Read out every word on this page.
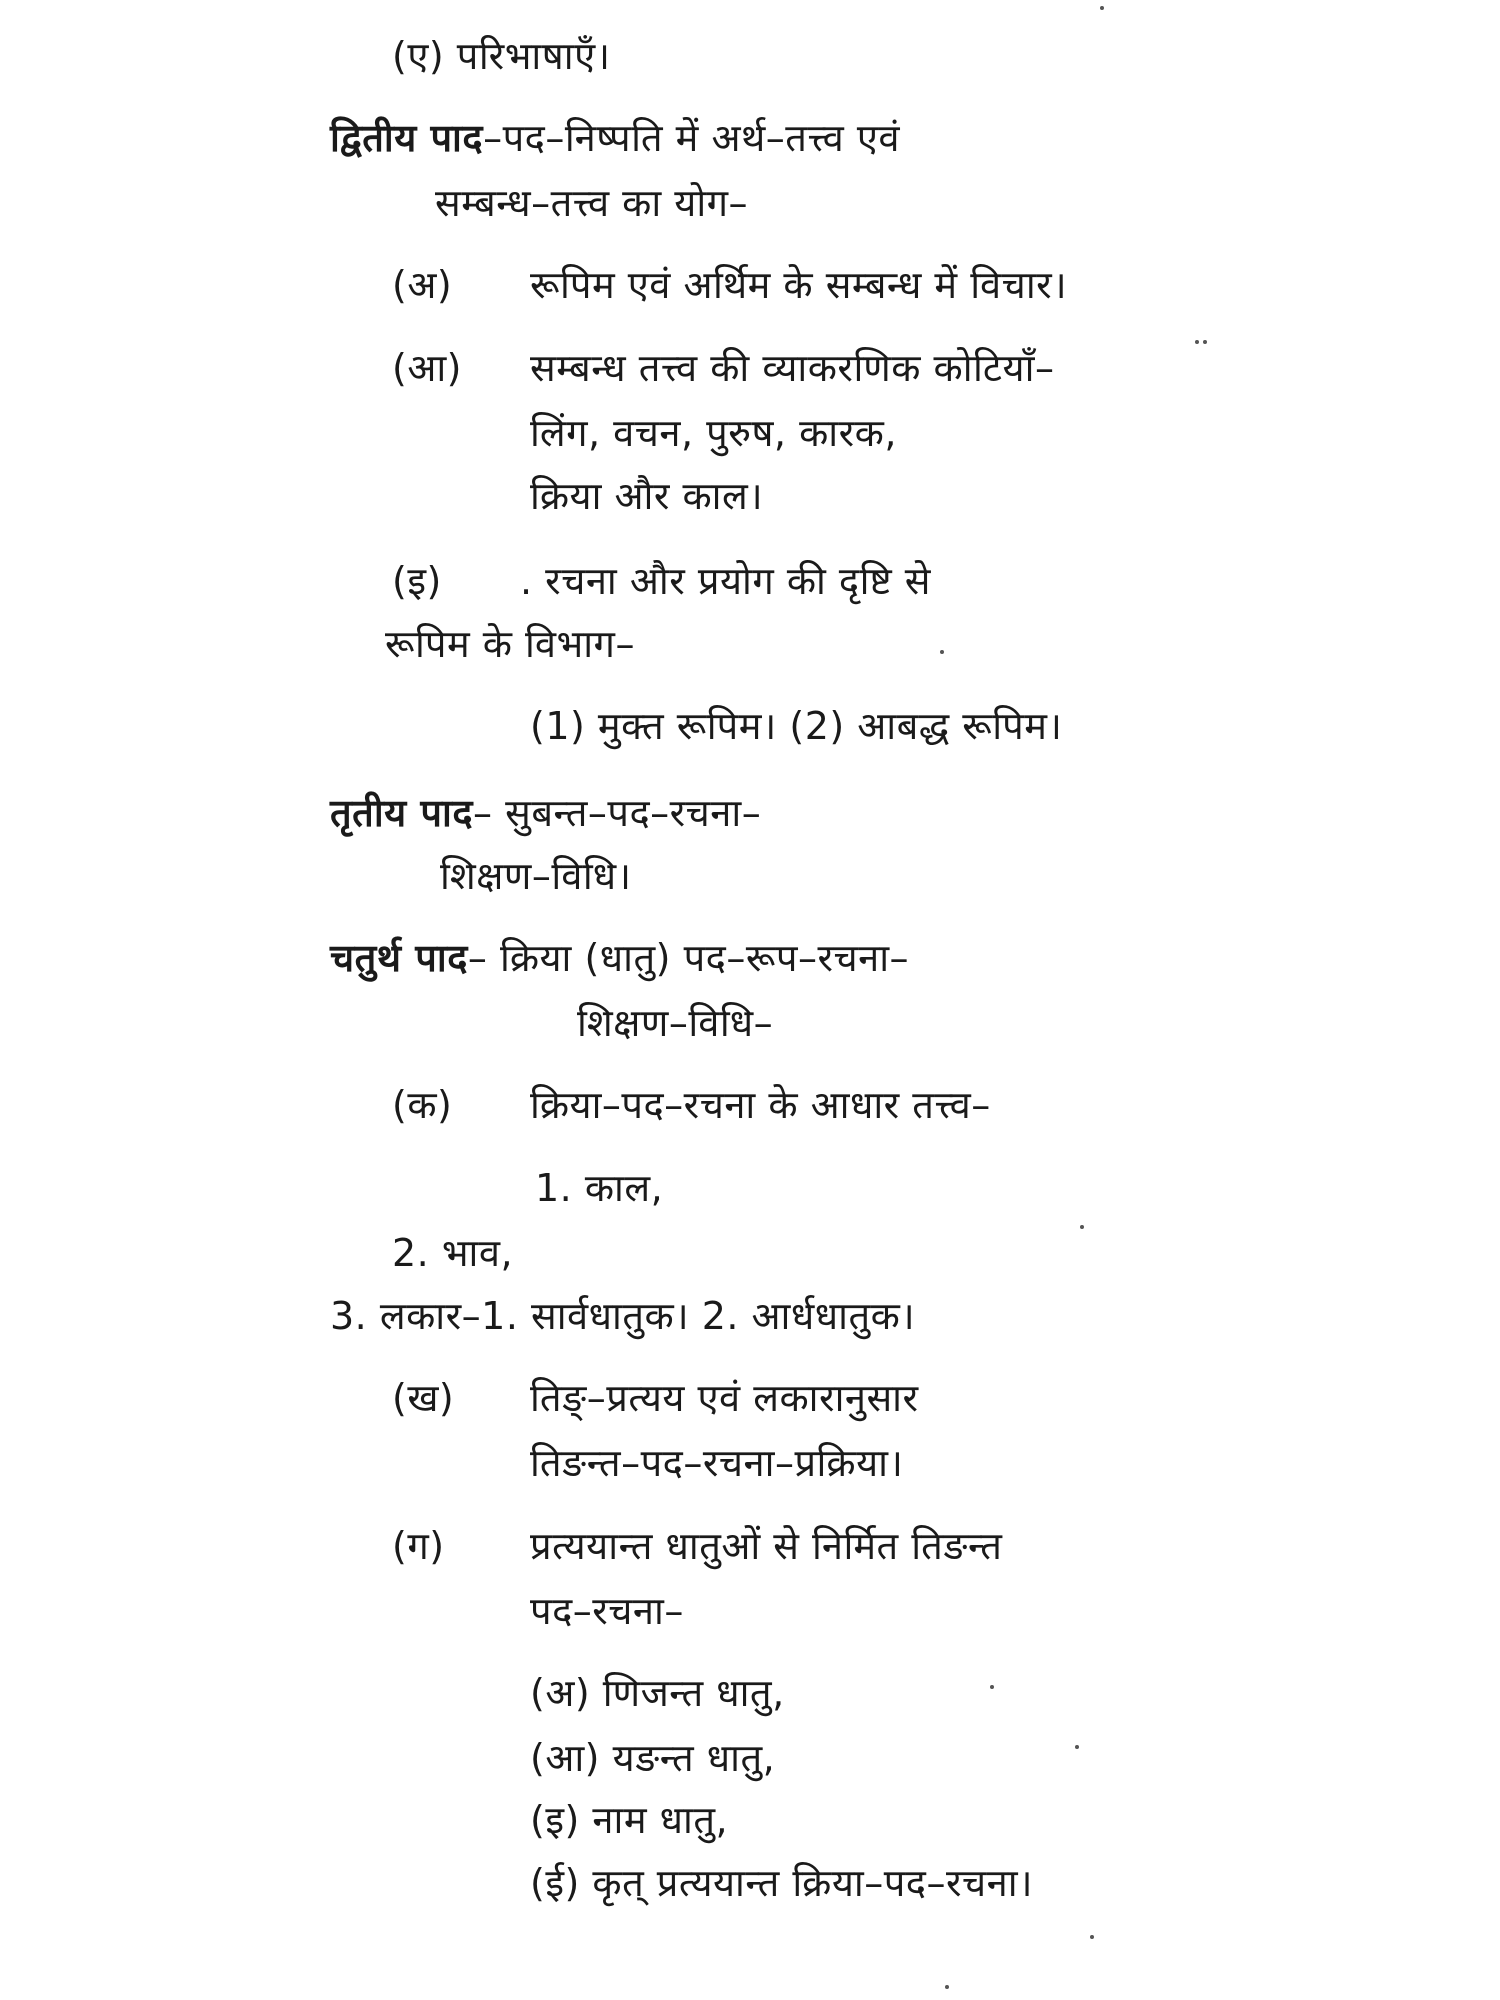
(ए) परिभाषाएँ।
द्वितीय पाद–पद–निष्पति में अर्थ–तत्त्व एवं
सम्बन्ध–तत्त्व का योग–
(अ) रूपिम एवं अर्थिम के सम्बन्ध में विचार।
(आ) सम्बन्ध तत्त्व की व्याकरणिक कोटियाँ–
लिंग, वचन, पुरुष, कारक,
क्रिया और काल।
(इ) . रचना और प्रयोग की दृष्टि से
रूपिम के विभाग–
(1) मुक्त रूपिम। (2) आबद्ध रूपिम।
तृतीय पाद– सुबन्त–पद–रचना–
शिक्षण–विधि।
चतुर्थ पाद– क्रिया (धातु) पद–रूप–रचना–
शिक्षण–विधि–
(क) क्रिया–पद–रचना के आधार तत्त्व–
1. काल,
2. भाव,
3. लकार–1. सार्वधातुक। 2. आर्धधातुक।
(ख) तिङ्–प्रत्यय एवं लकारानुसार
तिङन्त–पद–रचना–प्रक्रिया।
(ग) प्रत्ययान्त धातुओं से निर्मित तिङन्त
पद–रचना–
(अ) णिजन्त धातु,
(आ) यङन्त धातु,
(इ) नाम धातु,
(ई) कृत् प्रत्ययान्त क्रिया–पद–रचना।
